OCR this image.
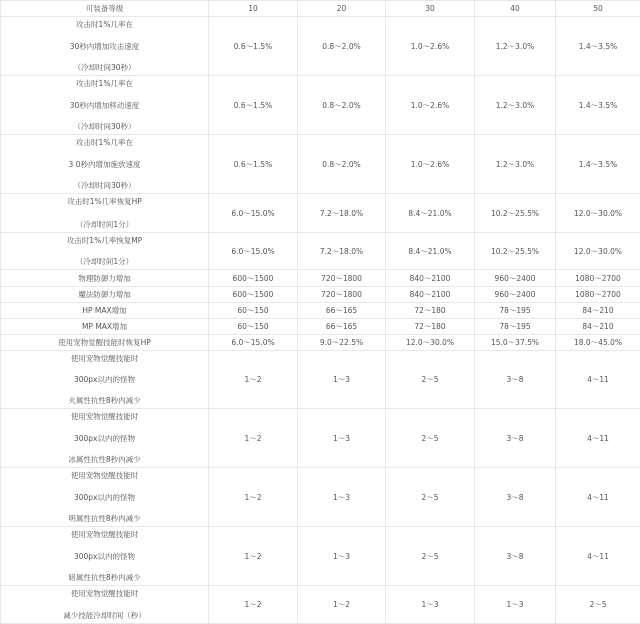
可装备等级	10	20	30	40	50

攻击时1%几率在
30秒内增加攻击速度
（冷却时间30秒）	0.6～1.5%	0.8～2.0%	1.0～2.6%	1.2～3.0%	1.4～3.5%

攻击时1%几率在
30秒内增加移动速度
（冷却时间30秒）	0.6～1.5%	0.8～2.0%	1.0～2.6%	1.2～3.0%	1.4～3.5%

攻击时1%几率在
3 0秒内增加施放速度
（冷却时间30秒）	0.6～1.5%	0.8～2.0%	1.0～2.6%	1.2～3.0%	1.4～3.5%

攻击时1%几率恢复HP
（冷却时间1分）	6.0～15.0%	7.2～18.0%	8.4～21.0%	10.2～25.5%	12.0～30.0%

攻击时1%几率恢复MP
（冷却时间1分）	6.0～15.0%	7.2～18.0%	8.4～21.0%	10.2～25.5%	12.0～30.0%

物理防御力增加	600～1500	720～1800	840～2100	960～2400	1080～2700

魔法防御力增加	600～1500	720～1800	840～2100	960～2400	1080～2700

HP MAX增加	60～150	66～165	72～180	78～195	84～210

MP MAX增加	60～150	66～165	72～180	78～195	84～210

使用宠物觉醒技能时恢复HP	6.0～15.0%	9.0～22.5%	12.0～30.0%	15.0～37.5%	18.0～45.0%

使用宠物觉醒技能时
300px以内的怪物
火属性抗性8秒内减少	1～2	1～3	2～5	3～8	4～11

使用宠物觉醒技能时
300px以内的怪物
冰属性抗性8秒内减少	1～2	1～3	2～5	3～8	4～11

使用宠物觉醒技能时
300px以内的怪物
明属性抗性8秒内减少	1～2	1～3	2～5	3～8	4～11

使用宠物觉醒技能时
300px以内的怪物
暗属性抗性8秒内减少	1～2	1～3	2～5	3～8	4～11

使用宠物觉醒技能时
减少技能冷却时间（秒）	1～2	1～2	1～3	1～3	2～5
